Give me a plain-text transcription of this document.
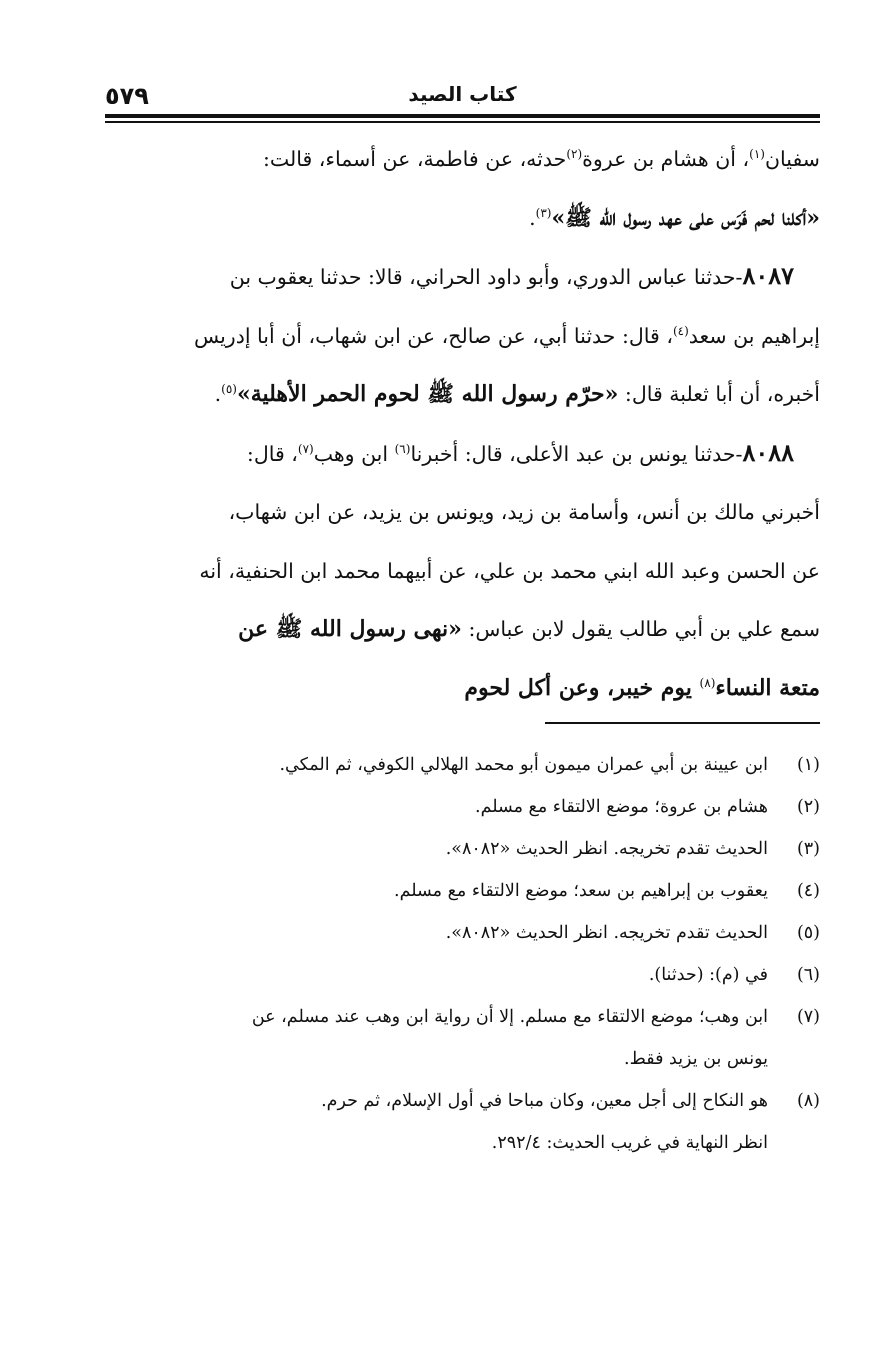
٥٧٩	كتاب الصيد

سفيان$^{(١)}$، أن هشام بن عروة$^{(٢)}$حدثه، عن فاطمة، عن أسماء، قالت:
«أكلنا لحم فَرَس على عهد رسول الله ﷺ»$^{(٣)}$.

٨٠٨٧-حدثنا عباس الدوري، وأبو داود الحراني، قالا: حدثنا يعقوب بن
إبراهيم بن سعد$^{(٤)}$، قال: حدثنا أبي، عن صالح، عن ابن شهاب، أن أبا إدريس
أخبره، أن أبا ثعلبة قال: «حرّم رسول الله ﷺ لحوم الحمر الأهلية»$^{(٥)}$.

٨٠٨٨-حدثنا يونس بن عبد الأعلى، قال: أخبرنا$^{(٦)}$ ابن وهب$^{(٧)}$، قال:
أخبرني مالك بن أنس، وأسامة بن زيد، ويونس بن يزيد، عن ابن شهاب،
عن الحسن وعبد الله ابني محمد بن علي، عن أبيهما محمد ابن الحنفية، أنه
سمع علي بن أبي طالب يقول لابن عباس: «نهى رسول الله ﷺ عن
متعة النساء$^{(٨)}$ يوم خيبر، وعن أكل لحوم

(١)

ابن عيينة بن أبي عمران ميمون أبو محمد الهلالي الكوفي، ثم المكي.

(٢)

هشام بن عروة؛ موضع الالتقاء مع مسلم.

(٣)

الحديث تقدم تخريجه. انظر الحديث «٨٠٨٢».

(٤)

يعقوب بن إبراهيم بن سعد؛ موضع الالتقاء مع مسلم.

(٥)

الحديث تقدم تخريجه. انظر الحديث «٨٠٨٢».

(٦)

في (م): (حدثنا).

(٧)

ابن وهب؛ موضع الالتقاء مع مسلم. إلا أن رواية ابن وهب عند مسلم، عن

يونس بن يزيد فقط.

(٨)

هو النكاح إلى أجل معين، وكان مباحا في أول الإسلام، ثم حرم.

انظر النهاية في غريب الحديث: ٢٩٢/٤.
